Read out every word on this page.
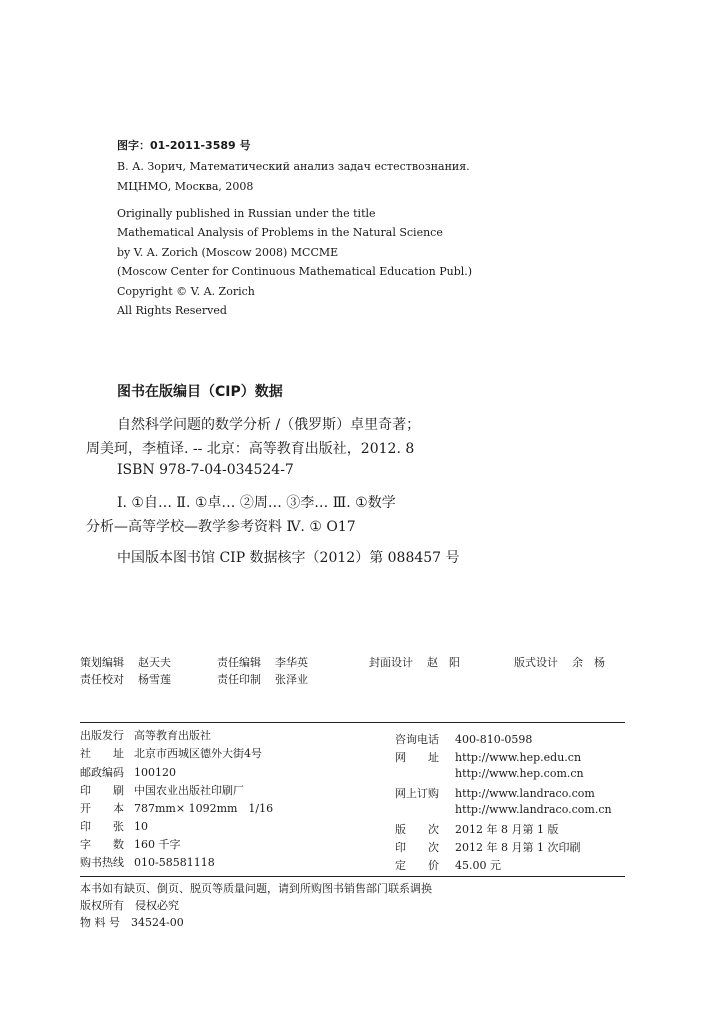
图字：01-2011-3589 号
В. А. Зорич, Математический анализ задач естествознания.
МЦНМО, Москва, 2008
Originally published in Russian under the title
Mathematical Analysis of Problems in the Natural Science
by V. A. Zorich (Moscow 2008) MCCME
(Moscow Center for Continuous Mathematical Education Publ.)
Copyright © V. A. Zorich
All Rights Reserved
图书在版编目（CIP）数据
自然科学问题的数学分析 /（俄罗斯）卓里奇著；
周美珂，李植译. -- 北京：高等教育出版社，2012. 8
ISBN 978-7-04-034524-7
Ⅰ. ①自… Ⅱ. ①卓… ②周… ③李… Ⅲ. ①数学
分析—高等学校—教学参考资料 Ⅳ. ① O17
中国版本图书馆 CIP 数据核字（2012）第 088457 号
策划编辑 赵天夫	责任编辑 李华英	封面设计 赵　阳	版式设计 余　杨
责任校对 杨雪莲	责任印制 张泽业
出版发行 高等教育出版社
社　　址 北京市西城区德外大街4号
邮政编码 100120
印　　刷 中国农业出版社印刷厂
开　　本 787mm× 1092mm　1/16
印　　张 10
字　　数 160 千字
购书热线 010-58581118
咨询电话 400-810-0598
网　　址 http://www.hep.edu.cn
http://www.hep.com.cn
网上订购 http://www.landraco.com
http://www.landraco.com.cn
版　　次 2012 年 8 月第 1 版
印　　次 2012 年 8 月第 1 次印刷
定　　价 45.00 元
本书如有缺页、倒页、脱页等质量问题，请到所购图书销售部门联系调换
版权所有　侵权必究
物 料 号　34524-00
